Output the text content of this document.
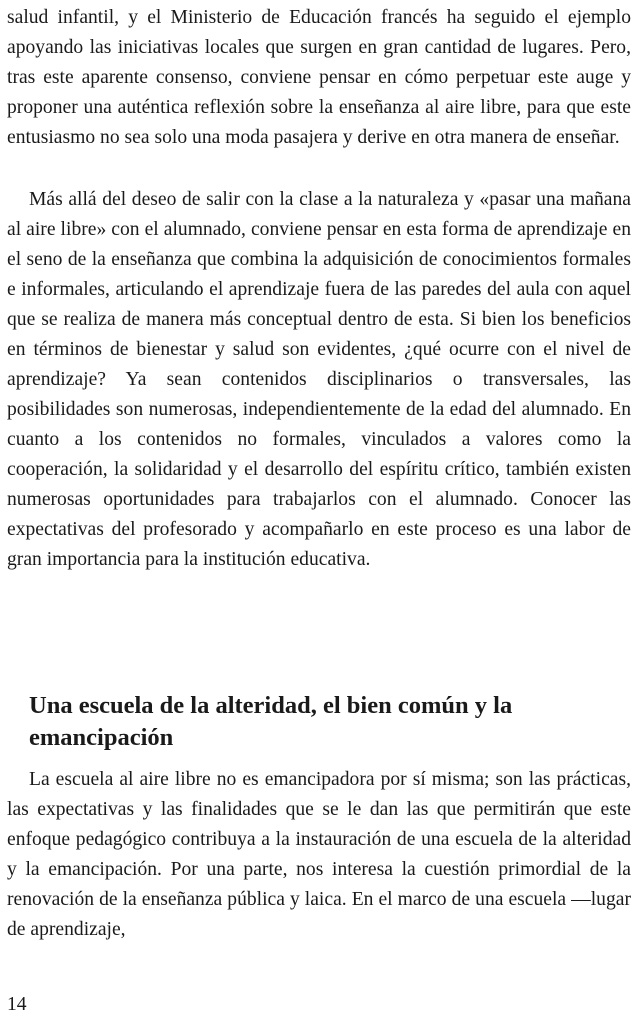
salud infantil, y el Ministerio de Educación francés ha seguido el ejemplo apoyando las iniciativas locales que surgen en gran cantidad de lugares. Pero, tras este aparente consenso, conviene pensar en cómo perpetuar este auge y proponer una auténtica reflexión sobre la enseñanza al aire libre, para que este entusiasmo no sea solo una moda pasajera y derive en otra manera de enseñar.

Más allá del deseo de salir con la clase a la naturaleza y «pasar una mañana al aire libre» con el alumnado, conviene pensar en esta forma de aprendizaje en el seno de la enseñanza que combina la adquisición de conocimientos formales e informales, articulando el aprendizaje fuera de las paredes del aula con aquel que se realiza de manera más conceptual dentro de esta. Si bien los beneficios en términos de bienestar y salud son evidentes, ¿qué ocurre con el nivel de aprendizaje? Ya sean contenidos disciplinarios o transversales, las posibilidades son numerosas, independientemente de la edad del alumnado. En cuanto a los contenidos no formales, vinculados a valores como la cooperación, la solidaridad y el desarrollo del espíritu crítico, también existen numerosas oportunidades para trabajarlos con el alumnado. Conocer las expectativas del profesorado y acompañarlo en este proceso es una labor de gran importancia para la institución educativa.

Una escuela de la alteridad, el bien común y la emancipación

La escuela al aire libre no es emancipadora por sí misma; son las prácticas, las expectativas y las finalidades que se le dan las que permitirán que este enfoque pedagógico contribuya a la instauración de una escuela de la alteridad y la emancipación. Por una parte, nos interesa la cuestión primordial de la renovación de la enseñanza pública y laica. En el marco de una escuela —lugar de aprendizaje,

14
